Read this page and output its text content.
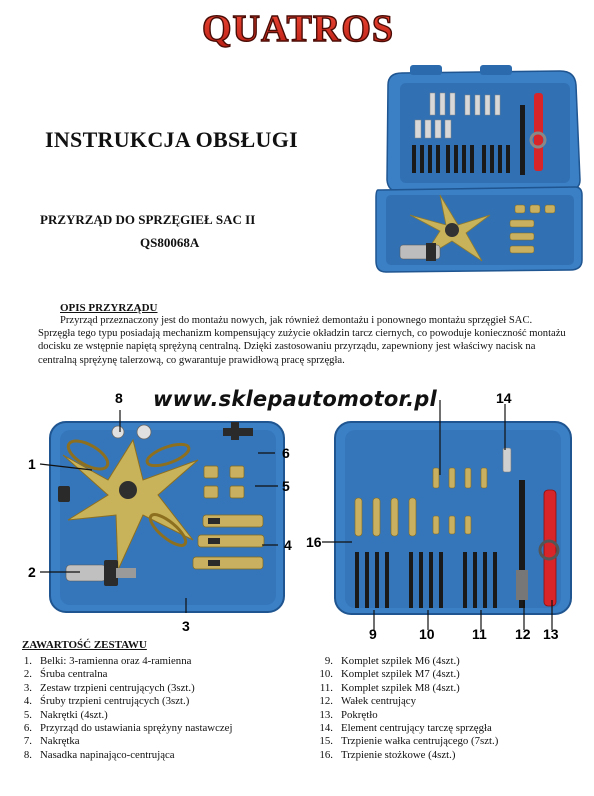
QUATROS
INSTRUKCJA OBSŁUGI
PRZYRZĄD DO SPRZĘGIEŁ SAC II
QS80068A
OPIS PRZYRZĄDU
Przyrząd przeznaczony jest do montażu nowych, jak również demontażu i ponownego montażu sprzęgieł SAC. Sprzęgła tego typu posiadają mechanizm kompensujący zużycie okładzin tarcz ciernych, co powoduje konieczność montażu docisku ze wstępnie napiętą sprężyną centralną. Dzięki zastosowaniu przyrządu, zapewniony jest właściwy nacisk na centralną sprężynę talerzową, co gwarantuje prawidłową pracę sprzęgła.
1
2
3
4
5
6
8
9	10	11 12 13
14
16
www.sklepautomotor.pl
ZAWARTOŚĆ ZESTAWU
1. Belki: 3-ramienna oraz 4-ramienna
2. Śruba centralna
3. Zestaw trzpieni centrujących (3szt.)
4. Śruby trzpieni centrujących (3szt.)
5. Nakrętki (4szt.)
6. Przyrząd do ustawiania sprężyny nastawczej
7. Nakrętka
8. Nasadka napinająco-centrująca
9. Komplet szpilek M6 (4szt.)
10. Komplet szpilek M7 (4szt.)
11. Komplet szpilek M8 (4szt.)
12. Wałek centrujący
13. Pokrętło
14. Element centrujący tarczę sprzęgła
15. Trzpienie wałka centrującego (7szt.)
16. Trzpienie stożkowe (4szt.)
